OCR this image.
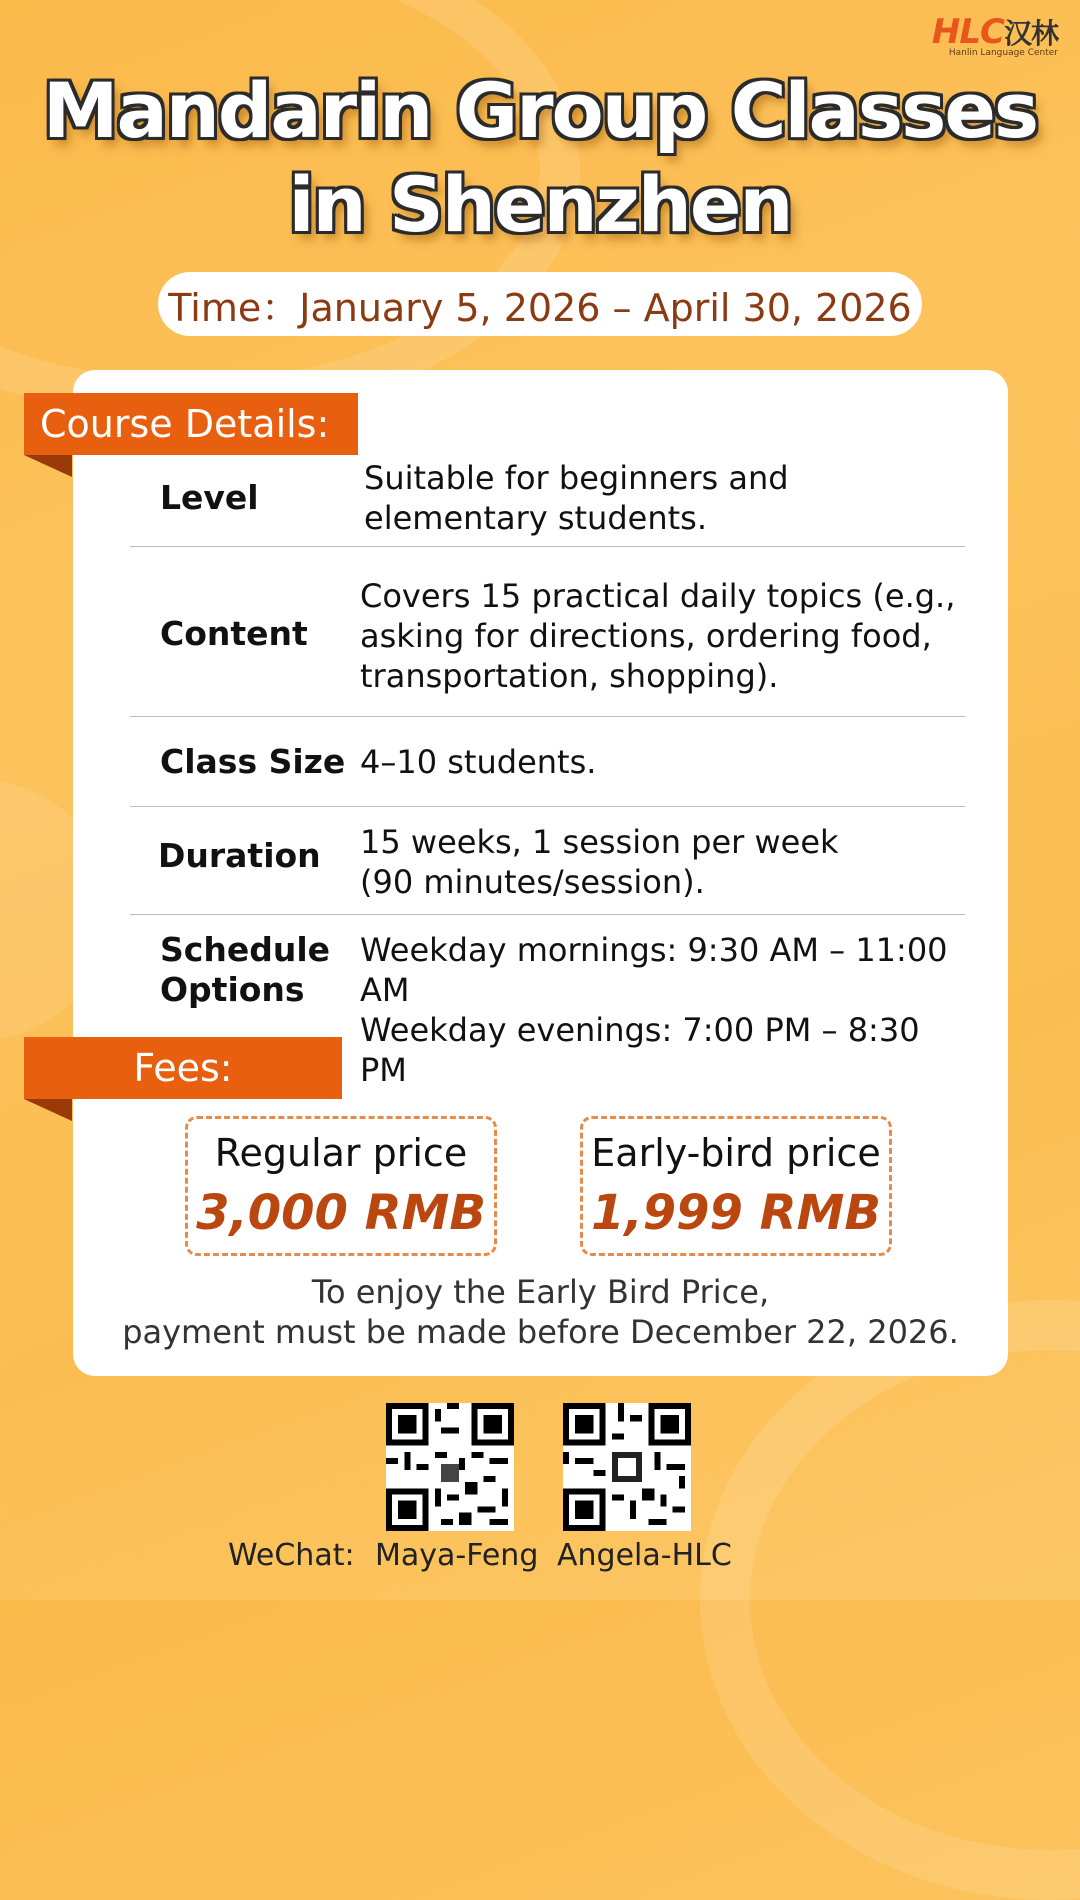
HLC汉林
Hanlin Language Center
Mandarin Group Classes
in Shenzhen
Time：January 5, 2026 – April 30, 2026
Course Details:
Level	Suitable for beginners and
elementary students.
Content
Covers 15 practical daily topics (e.g.,
asking for directions, ordering food,
transportation, shopping).
Class Size 4–10 students.
Duration 15 weeks, 1 session per week
(90 minutes/session).
Schedule
Options
Weekday mornings: 9:30 AM – 11:00 AM
Weekday evenings: 7:00 PM – 8:30 PM
Fees:
Regular price
3,000 RMB
Early-bird price
1,999 RMB
To enjoy the Early Bird Price,
payment must be made before December 22, 2026.
WeChat: Maya-Feng Angela-HLC
